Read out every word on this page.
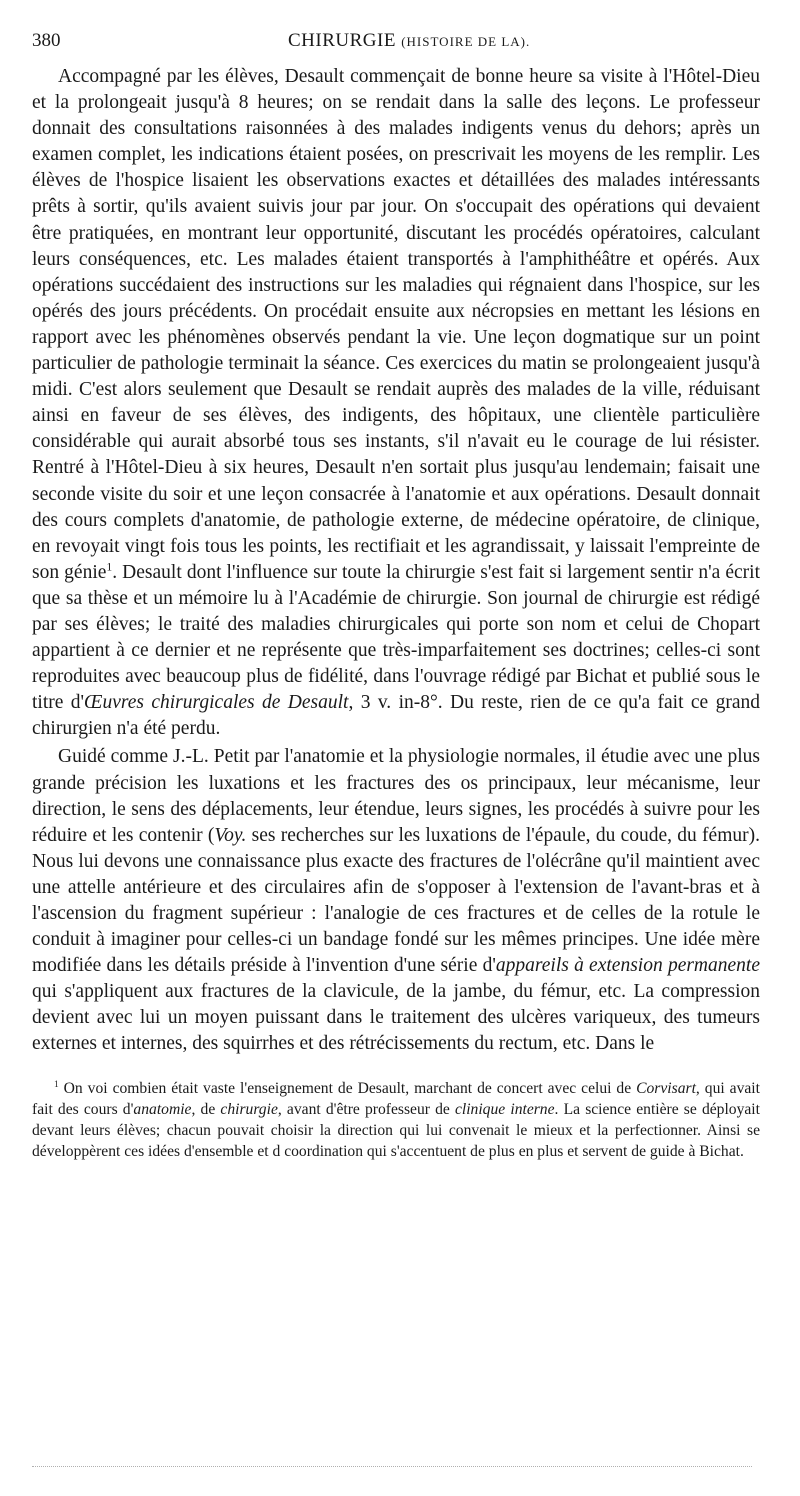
380	CHIRURGIE (HISTOIRE DE LA).

Accompagné par les élèves, Desault commençait de bonne heure sa visite à l'Hôtel-Dieu et la prolongeait jusqu'à 8 heures; on se rendait dans la salle des leçons. Le professeur donnait des consultations raisonnées à des malades indigents venus du dehors; après un examen complet, les indications étaient posées, on prescrivait les moyens de les remplir. Les élèves de l'hospice lisaient les observations exactes et détaillées des malades intéressants prêts à sortir, qu'ils avaient suivis jour par jour. On s'occupait des opérations qui devaient être pratiquées, en montrant leur opportunité, discutant les procédés opératoires, calculant leurs conséquences, etc. Les malades étaient transportés à l'amphithéâtre et opérés. Aux opérations succédaient des instructions sur les maladies qui régnaient dans l'hospice, sur les opérés des jours précédents. On procédait ensuite aux nécropsies en mettant les lésions en rapport avec les phénomènes observés pendant la vie. Une leçon dogmatique sur un point particulier de pathologie terminait la séance. Ces exercices du matin se prolongeaient jusqu'à midi. C'est alors seulement que Desault se rendait auprès des malades de la ville, réduisant ainsi en faveur de ses élèves, des indigents, des hôpitaux, une clientèle particulière considérable qui aurait absorbé tous ses instants, s'il n'avait eu le courage de lui résister. Rentré à l'Hôtel-Dieu à six heures, Desault n'en sortait plus jusqu'au lendemain; faisait une seconde visite du soir et une leçon consacrée à l'anatomie et aux opérations. Desault donnait des cours complets d'anatomie, de pathologie externe, de médecine opératoire, de clinique, en revoyait vingt fois tous les points, les rectifiait et les agrandissait, y laissait l'empreinte de son génie$^1$. Desault dont l'influence sur toute la chirurgie s'est fait si largement sentir n'a écrit que sa thèse et un mémoire lu à l'Académie de chirurgie. Son journal de chirurgie est rédigé par ses élèves; le traité des maladies chirurgicales qui porte son nom et celui de Chopart appartient à ce dernier et ne représente que très-imparfaitement ses doctrines; celles-ci sont reproduites avec beaucoup plus de fidélité, dans l'ouvrage rédigé par Bichat et publié sous le titre d'Œuvres chirurgicales de Desault, 3 v. in-8°. Du reste, rien de ce qu'a fait ce grand chirurgien n'a été perdu.

Guidé comme J.-L. Petit par l'anatomie et la physiologie normales, il étudie avec une plus grande précision les luxations et les fractures des os principaux, leur mécanisme, leur direction, le sens des déplacements, leur étendue, leurs signes, les procédés à suivre pour les réduire et les contenir (Voy. ses recherches sur les luxations de l'épaule, du coude, du fémur). Nous lui devons une connaissance plus exacte des fractures de l'olécrâne qu'il maintient avec une attelle antérieure et des circulaires afin de s'opposer à l'extension de l'avant-bras et à l'ascension du fragment supérieur : l'analogie de ces fractures et de celles de la rotule le conduit à imaginer pour celles-ci un bandage fondé sur les mêmes principes. Une idée mère modifiée dans les détails préside à l'invention d'une série d'appareils à extension permanente qui s'appliquent aux fractures de la clavicule, de la jambe, du fémur, etc. La compression devient avec lui un moyen puissant dans le traitement des ulcères variqueux, des tumeurs externes et internes, des squirrhes et des rétrécissements du rectum, etc. Dans le

$^1$ On voi combien était vaste l'enseignement de Desault, marchant de concert avec celui de Corvisart, qui avait fait des cours d'anatomie, de chirurgie, avant d'être professeur de clinique interne. La science entière se déployait devant leurs élèves; chacun pouvait choisir la direction qui lui convenait le mieux et la perfectionner. Ainsi se développèrent ces idées d'ensemble et d coordination qui s'accentuent de plus en plus et servent de guide à Bichat.
